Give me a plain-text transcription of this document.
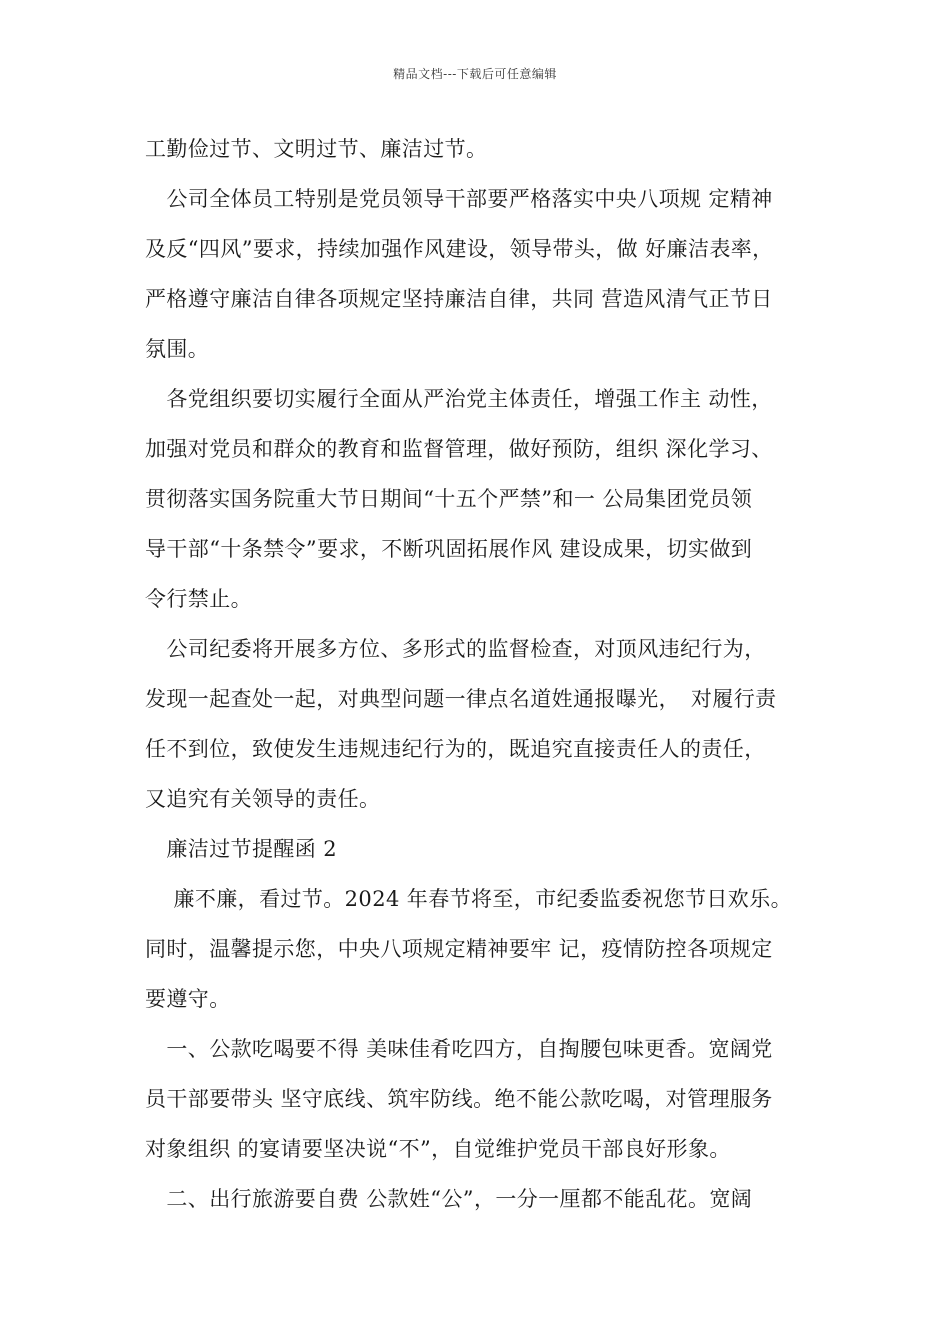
精品文档---下载后可任意编辑
工勤俭过节、文明过节、廉洁过节。
　公司全体员工特别是党员领导干部要严格落实中央八项规 定精神
及反“四风”要求，持续加强作风建设，领导带头，做 好廉洁表率，
严格遵守廉洁自律各项规定坚持廉洁自律，共同 营造风清气正节日
氛围。
　各党组织要切实履行全面从严治党主体责任，增强工作主 动性，
加强对党员和群众的教育和监督管理，做好预防，组织 深化学习、
贯彻落实国务院重大节日期间“十五个严禁”和一 公局集团党员领
导干部“十条禁令”要求，不断巩固拓展作风 建设成果，切实做到
令行禁止。
　公司纪委将开展多方位、多形式的监督检查，对顶风违纪行为，
发现一起查处一起，对典型问题一律点名道姓通报曝光，　对履行责
任不到位，致使发生违规违纪行为的，既追究直接责任人的责任，
又追究有关领导的责任。
　廉洁过节提醒函 2
　 廉不廉，看过节。2024 年春节将至，市纪委监委祝您节日欢乐。
同时，温馨提示您，中央八项规定精神要牢 记，疫情防控各项规定
要遵守。
　一、公款吃喝要不得 美味佳肴吃四方，自掏腰包味更香。宽阔党
员干部要带头 坚守底线、筑牢防线。绝不能公款吃喝，对管理服务
对象组织 的宴请要坚决说“不”，自觉维护党员干部良好形象。
　二、出行旅游要自费 公款姓“公”，一分一厘都不能乱花。宽阔
